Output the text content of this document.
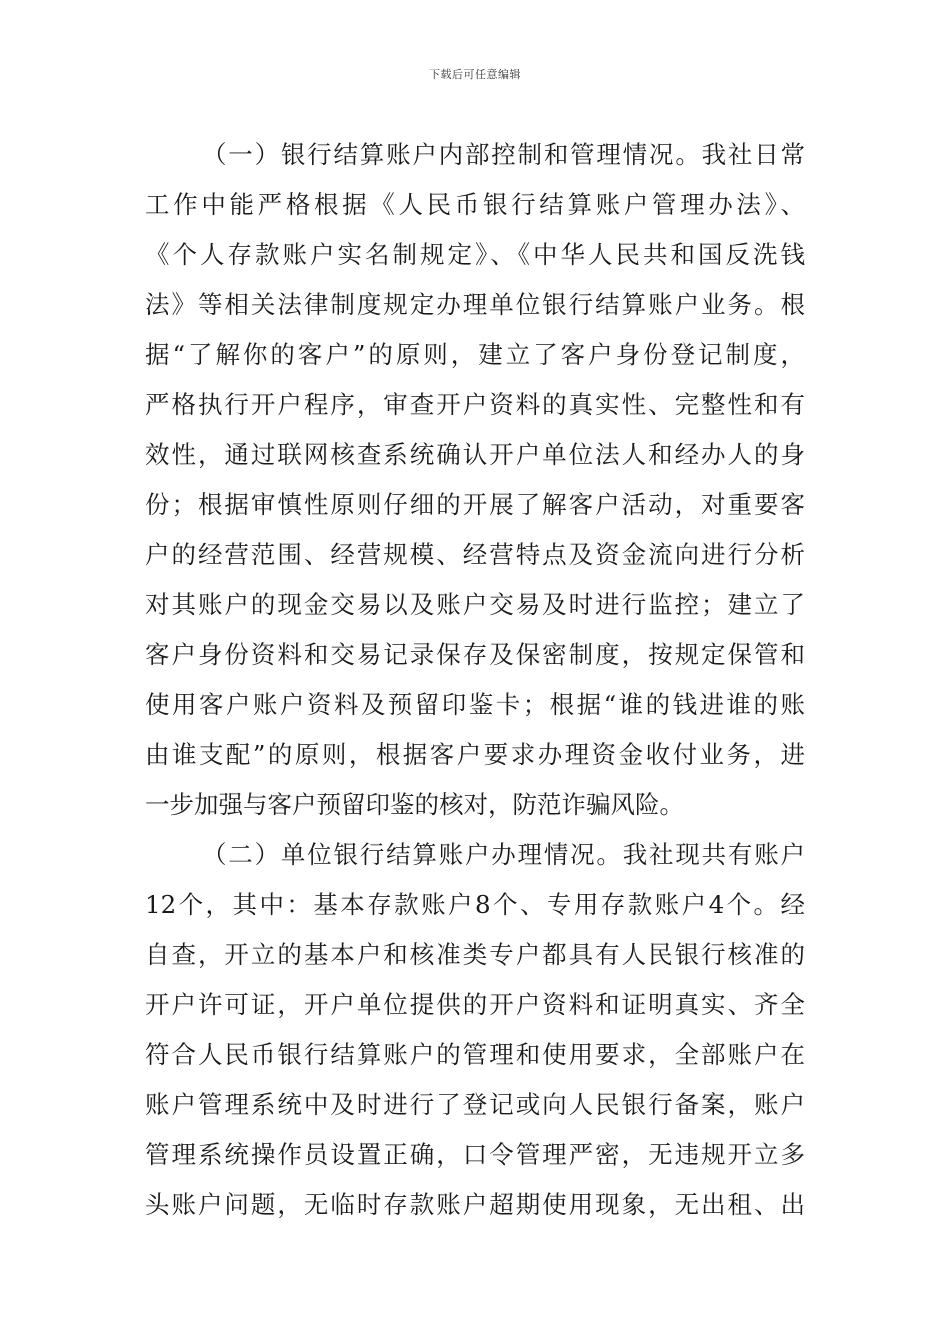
下载后可任意编辑
（一）银行结算账户内部控制和管理情况。我社日常
工作中能严格根据《人民币银行结算账户管理办法》、
《个人存款账户实名制规定》、《中华人民共和国反洗钱
法》等相关法律制度规定办理单位银行结算账户业务。根
据“了解你的客户”的原则，建立了客户身份登记制度，
严格执行开户程序，审查开户资料的真实性、完整性和有
效性，通过联网核查系统确认开户单位法人和经办人的身
份；根据审慎性原则仔细的开展了解客户活动，对重要客
户的经营范围、经营规模、经营特点及资金流向进行分析
对其账户的现金交易以及账户交易及时进行监控；建立了
客户身份资料和交易记录保存及保密制度，按规定保管和
使用客户账户资料及预留印鉴卡；根据“谁的钱进谁的账
由谁支配”的原则，根据客户要求办理资金收付业务，进
一步加强与客户预留印鉴的核对，防范诈骗风险。
（二）单位银行结算账户办理情况。我社现共有账户
12个，其中：基本存款账户8个、专用存款账户4个。经
自查，开立的基本户和核准类专户都具有人民银行核准的
开户许可证，开户单位提供的开户资料和证明真实、齐全
符合人民币银行结算账户的管理和使用要求，全部账户在
账户管理系统中及时进行了登记或向人民银行备案，账户
管理系统操作员设置正确，口令管理严密，无违规开立多
头账户问题，无临时存款账户超期使用现象，无出租、出
